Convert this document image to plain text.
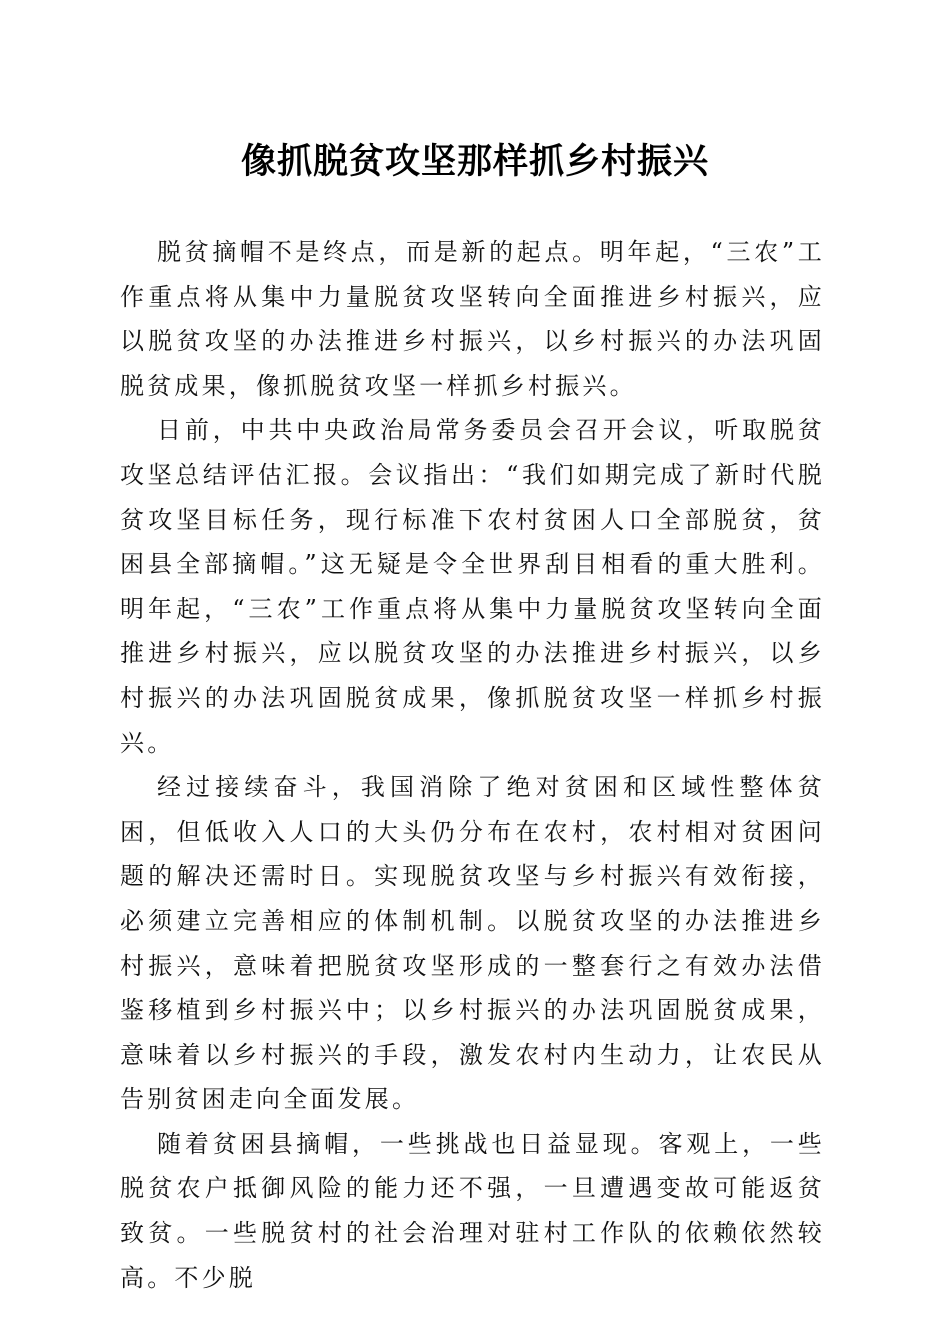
像抓脱贫攻坚那样抓乡村振兴

脱贫摘帽不是终点，而是新的起点。明年起，“三农”工作重点将从集中力量脱贫攻坚转向全面推进乡村振兴，应以脱贫攻坚的办法推进乡村振兴，以乡村振兴的办法巩固脱贫成果，像抓脱贫攻坚一样抓乡村振兴。

日前，中共中央政治局常务委员会召开会议，听取脱贫攻坚总结评估汇报。会议指出：“我们如期完成了新时代脱贫攻坚目标任务，现行标准下农村贫困人口全部脱贫，贫困县全部摘帽。”这无疑是令全世界刮目相看的重大胜利。明年起，“三农”工作重点将从集中力量脱贫攻坚转向全面推进乡村振兴，应以脱贫攻坚的办法推进乡村振兴，以乡村振兴的办法巩固脱贫成果，像抓脱贫攻坚一样抓乡村振兴。

经过接续奋斗，我国消除了绝对贫困和区域性整体贫困，但低收入人口的大头仍分布在农村，农村相对贫困问题的解决还需时日。实现脱贫攻坚与乡村振兴有效衔接，必须建立完善相应的体制机制。以脱贫攻坚的办法推进乡村振兴，意味着把脱贫攻坚形成的一整套行之有效办法借鉴移植到乡村振兴中；以乡村振兴的办法巩固脱贫成果，意味着以乡村振兴的手段，激发农村内生动力，让农民从告别贫困走向全面发展。

随着贫困县摘帽，一些挑战也日益显现。客观上，一些脱贫农户抵御风险的能力还不强，一旦遭遇变故可能返贫致贫。一些脱贫村的社会治理对驻村工作队的依赖依然较高。不少脱
